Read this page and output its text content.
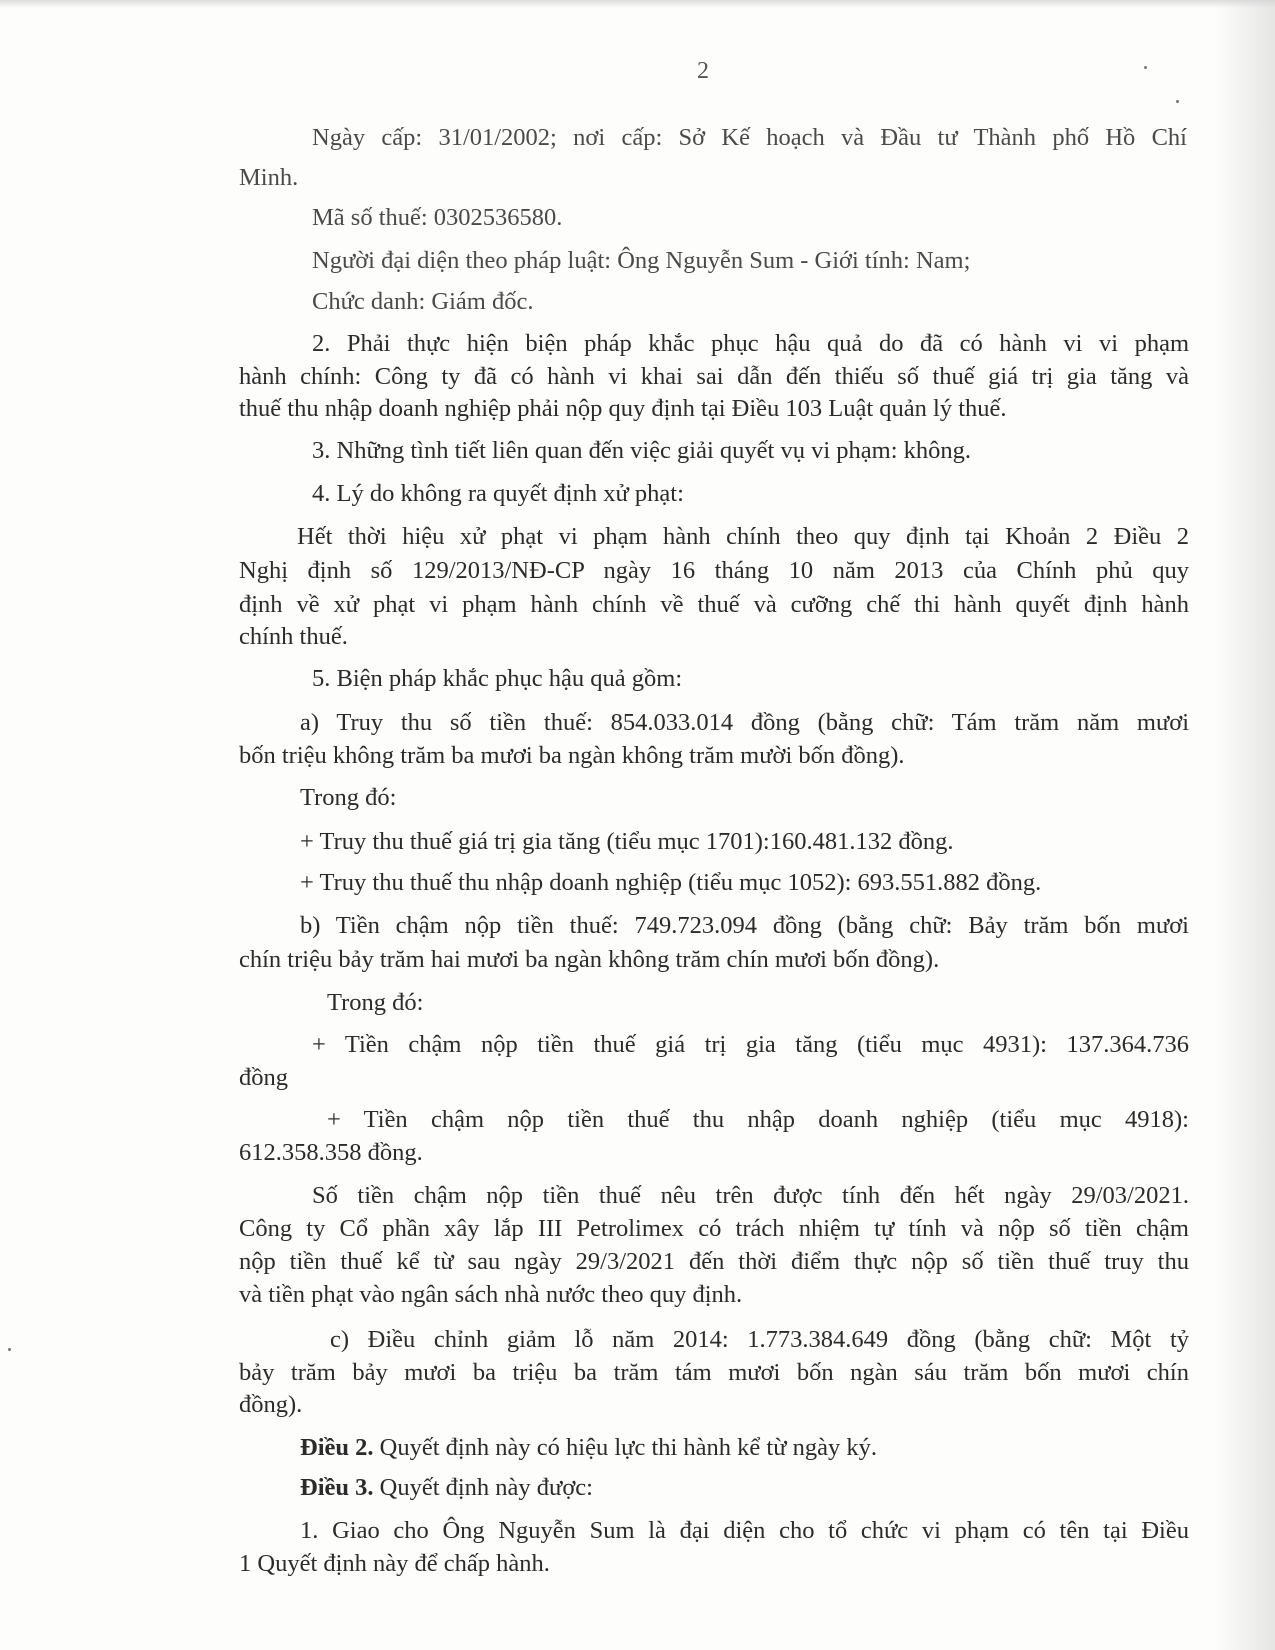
2

Ngày cấp: 31/01/2002; nơi cấp: Sở Kế hoạch và Đầu tư Thành phố Hồ Chí

Minh.

Mã số thuế: 0302536580.

Người đại diện theo pháp luật: Ông Nguyễn Sum - Giới tính: Nam;

Chức danh: Giám đốc.

2. Phải thực hiện biện pháp khắc phục hậu quả do đã có hành vi vi phạm

hành chính: Công ty đã có hành vi khai sai dẫn đến thiếu số thuế giá trị gia tăng và

thuế thu nhập doanh nghiệp phải nộp quy định tại Điều 103 Luật quản lý thuế.

3. Những tình tiết liên quan đến việc giải quyết vụ vi phạm: không.

4. Lý do không ra quyết định xử phạt:

Hết thời hiệu xử phạt vi phạm hành chính theo quy định tại Khoản 2 Điều 2

Nghị định số 129/2013/NĐ-CP ngày 16 tháng 10 năm 2013 của Chính phủ quy

định về xử phạt vi phạm hành chính về thuế và cưỡng chế thi hành quyết định hành

chính thuế.

5. Biện pháp khắc phục hậu quả gồm:

a) Truy thu số tiền thuế: 854.033.014 đồng (bằng chữ: Tám trăm năm mươi

bốn triệu không trăm ba mươi ba ngàn không trăm mười bốn đồng).

Trong đó:

+ Truy thu thuế giá trị gia tăng (tiểu mục 1701):160.481.132 đồng.

+ Truy thu thuế thu nhập doanh nghiệp (tiểu mục 1052): 693.551.882 đồng.

b) Tiền chậm nộp tiền thuế: 749.723.094 đồng (bằng chữ: Bảy trăm bốn mươi

chín triệu bảy trăm hai mươi ba ngàn không trăm chín mươi bốn đồng).

Trong đó:

+ Tiền chậm nộp tiền thuế giá trị gia tăng (tiểu mục 4931): 137.364.736

đồng

+ Tiền chậm nộp tiền thuế thu nhập doanh nghiệp (tiểu mục 4918):

612.358.358 đồng.

Số tiền chậm nộp tiền thuế nêu trên được tính đến hết ngày 29/03/2021.

Công ty Cổ phần xây lắp III Petrolimex có trách nhiệm tự tính và nộp số tiền chậm

nộp tiền thuế kể từ sau ngày 29/3/2021 đến thời điểm thực nộp số tiền thuế truy thu

và tiền phạt vào ngân sách nhà nước theo quy định.

c) Điều chỉnh giảm lỗ năm 2014: 1.773.384.649 đồng (bằng chữ: Một tỷ

bảy trăm bảy mươi ba triệu ba trăm tám mươi bốn ngàn sáu trăm bốn mươi chín

đồng).

Điều 2. Quyết định này có hiệu lực thi hành kể từ ngày ký.

Điều 3. Quyết định này được:

1. Giao cho Ông Nguyễn Sum là đại diện cho tổ chức vi phạm có tên tại Điều

1 Quyết định này để chấp hành.
